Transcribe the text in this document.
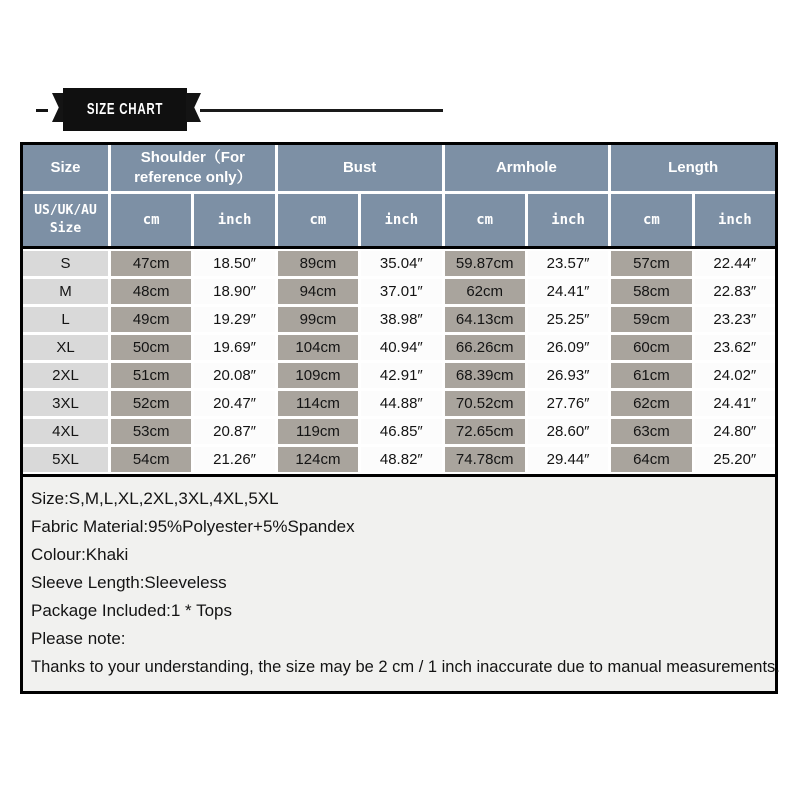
SIZE CHART
Size
Shoulder（For reference only）
Bust	Armhole	Length
US/UK/AU Size
cm	inch	cm	inch	cm	inch	cm	inch
S	47cm	18.50″	89cm	35.04″	59.87cm	23.57″	57cm	22.44″
M	48cm	18.90″	94cm	37.01″	62cm	24.41″	58cm	22.83″
L	49cm	19.29″	99cm	38.98″	64.13cm	25.25″	59cm	23.23″
XL	50cm	19.69″	104cm	40.94″	66.26cm	26.09″	60cm	23.62″
2XL	51cm	20.08″	109cm	42.91″	68.39cm	26.93″	61cm	24.02″
3XL	52cm	20.47″	114cm	44.88″	70.52cm	27.76″	62cm	24.41″
4XL	53cm	20.87″	119cm	46.85″	72.65cm	28.60″	63cm	24.80″
5XL	54cm	21.26″	124cm	48.82″	74.78cm	29.44″	64cm	25.20″
Size:S,M,L,XL,2XL,3XL,4XL,5XL
Fabric Material:95%Polyester+5%Spandex
Colour:Khaki
Sleeve Length:Sleeveless
Package Included:1 * Tops
Please note:
Thanks to your understanding, the size may be 2 cm / 1 inch inaccurate due to manual measurements.
